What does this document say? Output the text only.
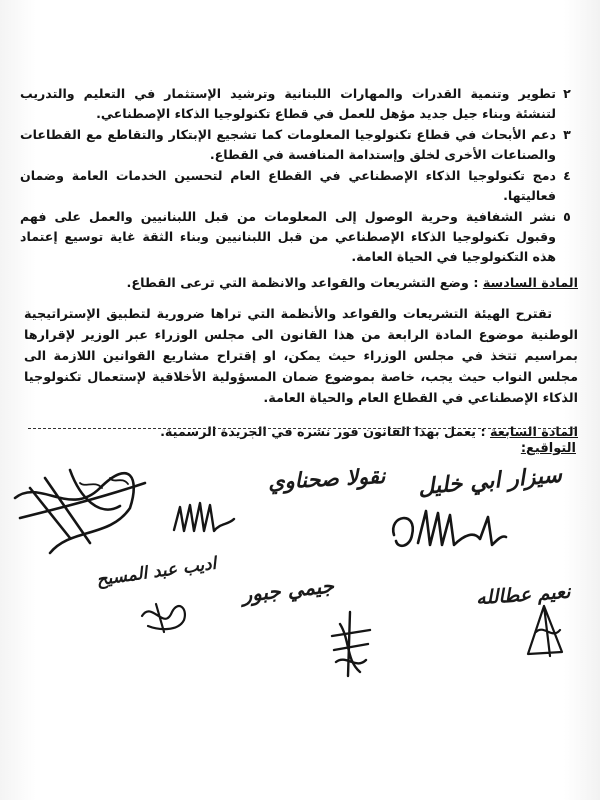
٢
تطوير وتنمية القدرات والمهارات اللبنانية وترشيد الإستثمار في التعليم والتدريب لتنشئة وبناء جيل جديد مؤهل للعمل في قطاع تكنولوجيا الذكاء الإصطناعي.
٣
دعم الأبحاث في قطاع تكنولوجيا المعلومات كما تشجيع الإبتكار والتقاطع مع القطاعات والصناعات الأخرى لخلق وإستدامة المنافسة في القطاع.
٤
دمج تكنولوجيا الذكاء الإصطناعي في القطاع العام لتحسين الخدمات العامة وضمان فعاليتها.
٥
نشر الشفافية وحرية الوصول إلى المعلومات من قبل اللبنانيين والعمل على فهم وقبول تكنولوجيا الذكاء الإصطناعي من قبل اللبنانيين وبناء الثقة غاية توسيع إعتماد هذه التكنولوجيا في الحياة العامة.
المادة السادسة : وضع التشريعات والقواعد والانظمة التي ترعى القطاع.
تقترح الهيئة التشريعات والقواعد والأنظمة التي تراها ضرورية لتطبيق الإستراتيجية الوطنية موضوع المادة الرابعة من هذا القانون الى مجلس الوزراء عبر الوزير لإقرارها بمراسيم تتخذ في مجلس الوزراء حيث يمكن، او إقتراح مشاريع القوانين اللازمة الى مجلس النواب حيث يجب، خاصة بموضوع ضمان المسؤولية الأخلاقية لإستعمال تكنولوجيا الذكاء الإصطناعي في القطاع العام والحياة العامة.
المادة السابعة : يعمل بهذا القانون فور نشره في الجريدة الرسمية.
التواقيع:
سيزار ابي خليل
نقولا صحناوي
جيمي جبور
اديب عبد المسيح
نعيم عطالله
